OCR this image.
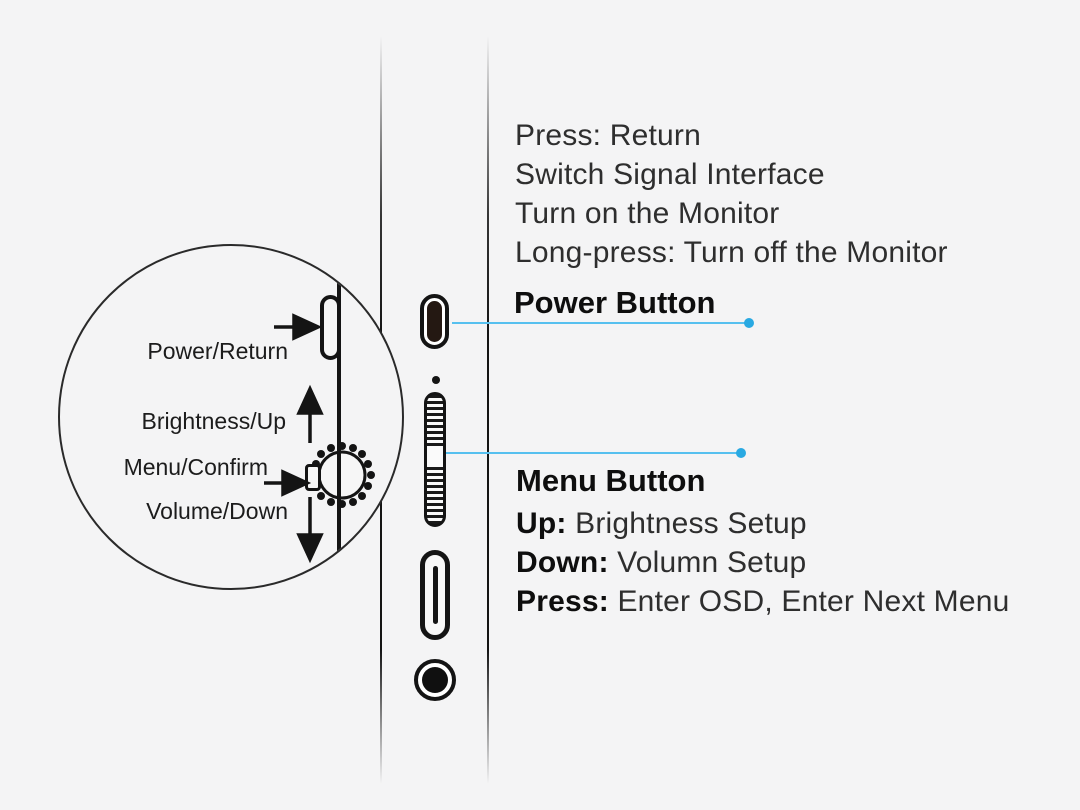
Press: Return
Switch Signal Interface
Turn on the Monitor
Long-press: Turn off the Monitor
Power Button
Menu Button
Up: Brightness Setup
Down: Volumn Setup
Press: Enter OSD, Enter Next Menu
Power/Return
Brightness/Up
Menu/Confirm
Volume/Down
